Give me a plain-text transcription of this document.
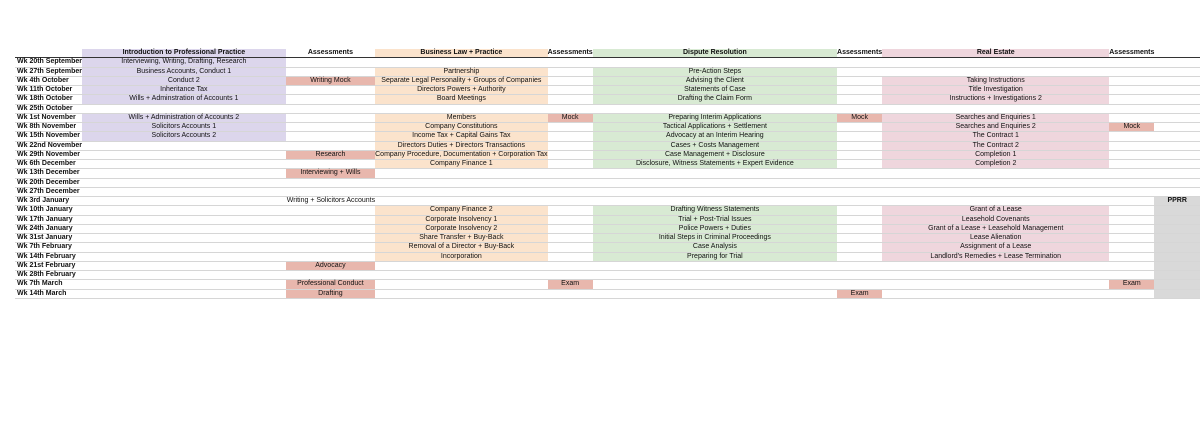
	Introduction to Professional Practice	Assessments	Business Law + Practice	Assessments	Dispute Resolution	Assessments	Real Estate	Assessments	
Wk 20th September	Interviewing, Writing, Drafting, Research								
Wk 27th September	Business Accounts, Conduct 1		Partnership		Pre-Action Steps				
Wk 4th October	Conduct 2	Writing Mock	Separate Legal Personality + Groups of Companies		Advising the Client		Taking Instructions		
Wk 11th October	Inheritance Tax		Directors Powers + Authority		Statements of Case		Title Investigation		
Wk 18th October	Wills + Adminstration of Accounts 1		Board Meetings		Drafting the Claim Form		Instructions + Investigations 2		
Wk 25th October									
Wk 1st November	Wills + Administration of Accounts 2		Members	Mock	Preparing Interim Applications	Mock	Searches and Enquiries 1		
Wk 8th November	Solicitors Accounts 1		Company Constitutions		Tactical Applications + Settlement		Searches and Enquiries 2	Mock	
Wk 15th November	Solicitors Accounts 2		Income Tax + Capital Gains Tax		Advocacy at an Interim Hearing		The Contract 1		
Wk 22nd November			Directors Duties + Directors Transactions		Cases + Costs Management		The Contract 2		
Wk 29th November		Research	Company Procedure, Documentation + Corporation Tax		Case Management + Disclosure		Completion 1		
Wk 6th December			Company Finance 1		Disclosure, Witness Statements + Expert Evidence		Completion 2		
Wk 13th December		Interviewing + Wills							
Wk 20th December									
Wk 27th December									
Wk 3rd January		Writing + Solicitors Accounts							PPRR
Wk 10th January			Company Finance 2		Drafting Witness Statements		Grant of a Lease		
Wk 17th January			Corporate Insolvency 1		Trial + Post-Trial Issues		Leasehold Covenants		
Wk 24th January			Corporate Insolvency 2		Police Powers + Duties		Grant of a Lease + Leasehold Management		
Wk 31st January			Share Transfer + Buy-Back		Initial Steps in Criminal Proceedings		Lease Alienation		
Wk 7th February			Removal of a Director + Buy-Back		Case Analysis		Assignment of a Lease		
Wk 14th February			Incorporation		Preparing for Trial		Landlord's Remedies + Lease Termination		
Wk 21st February		Advocacy							
Wk 28th February									
Wk 7th March		Professional Conduct		Exam				Exam	
Wk 14th March		Drafting				Exam			
